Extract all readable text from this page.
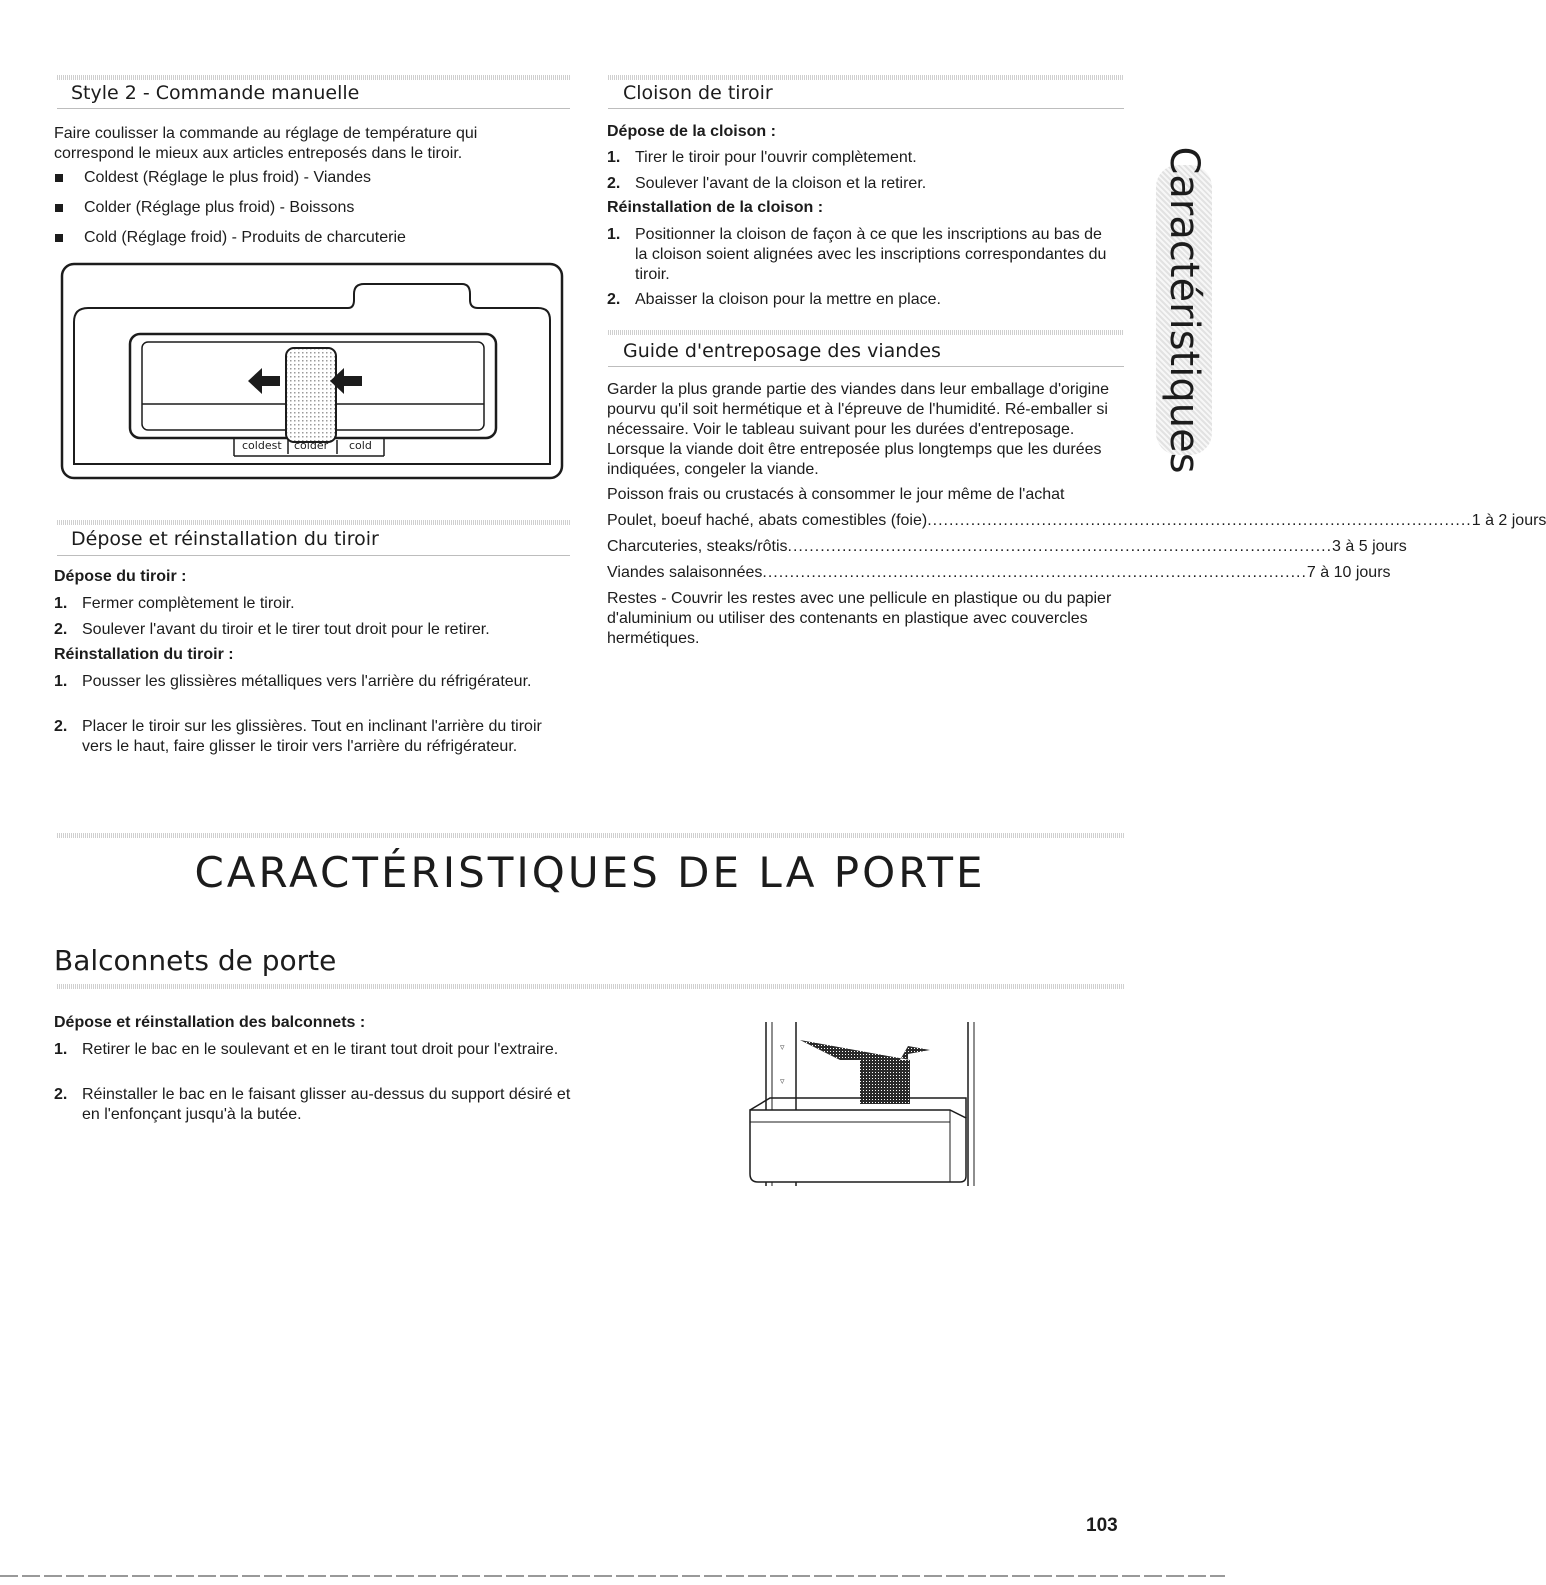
Style 2 - Commande manuelle

Faire coulisser la commande au réglage de température qui correspond le mieux aux articles entreposés dans le tiroir.

Coldest (Réglage le plus froid) - Viandes
Colder (Réglage plus froid) - Boissons
Cold (Réglage froid) - Produits de charcuterie
coldest colder cold
Dépose et réinstallation du tiroir
Dépose du tiroir :
1. Fermer complètement le tiroir.
2. Soulever l'avant du tiroir et le tirer tout droit pour le retirer.
Réinstallation du tiroir :
1. Pousser les glissières métalliques vers l'arrière du réfrigérateur.
2. Placer le tiroir sur les glissières. Tout en inclinant l'arrière du tiroir vers le haut, faire glisser le tiroir vers l'arrière du réfrigérateur.
Cloison de tiroir
Dépose de la cloison :
1. Tirer le tiroir pour l'ouvrir complètement.
2. Soulever l'avant de la cloison et la retirer.
Réinstallation de la cloison :
1. Positionner la cloison de façon à ce que les inscriptions au bas de la cloison soient alignées avec les inscriptions correspondantes du tiroir.
2. Abaisser la cloison pour la mettre en place.
Guide d'entreposage des viandes

Garder la plus grande partie des viandes dans leur emballage d'origine pourvu qu'il soit hermétique et à l'épreuve de l'humidité. Ré-emballer si nécessaire. Voir le tableau suivant pour les durées d'entreposage. Lorsque la viande doit être entreposée plus longtemps que les durées indiquées, congeler la viande.

Poisson frais ou crustacés à consommer le jour même de l'achat

Poulet, boeuf haché, abats comestibles (foie) .................................................................................................... 1 à 2 jours
Charcuteries, steaks/rôtis .................................................................................................... 3 à 5 jours
Viandes salaisonnées .................................................................................................... 7 à 10 jours

Restes - Couvrir les restes avec une pellicule en plastique ou du papier d'aluminium ou utiliser des contenants en plastique avec couvercles hermétiques.

Caractéristiques
CARACTÉRISTIQUES DE LA PORTE
Balconnets de porte
Dépose et réinstallation des balconnets :
1. Retirer le bac en le soulevant et en le tirant tout droit pour l'extraire.
2. Réinstaller le bac en le faisant glisser au-dessus du support désiré et en l'enfonçant jusqu'à la butée.
▿
▿
103
